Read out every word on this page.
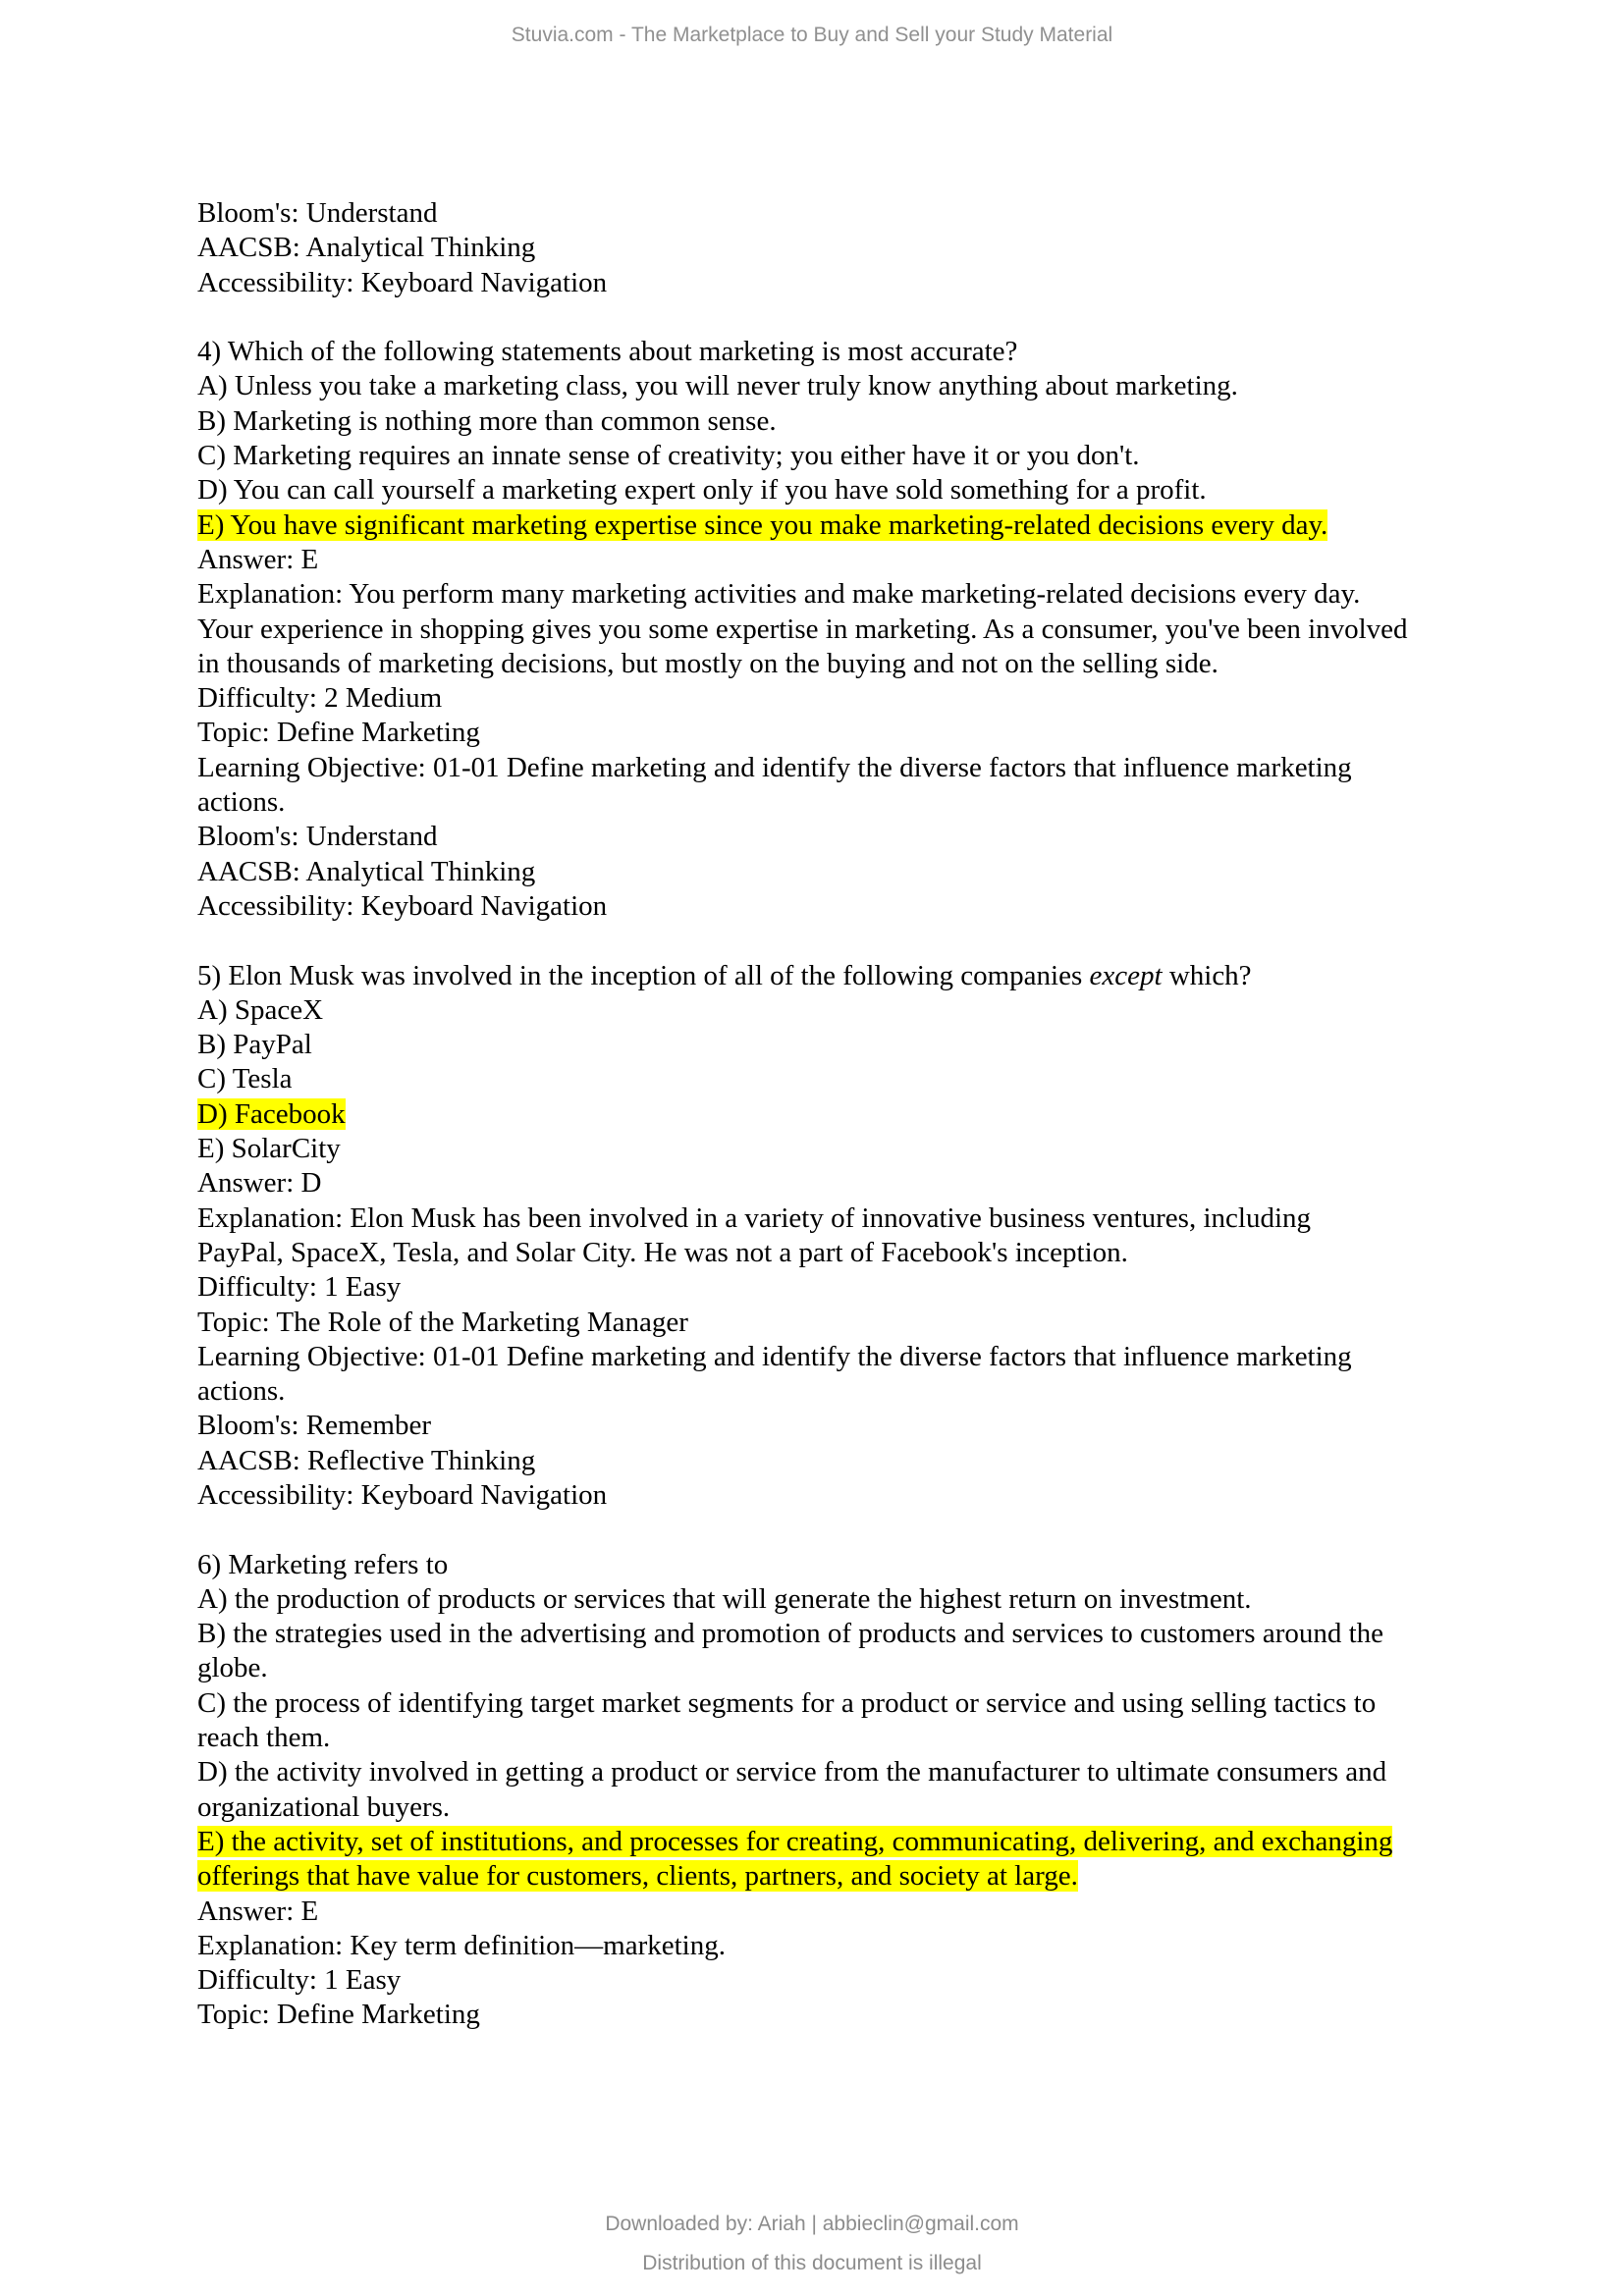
Stuvia.com - The Marketplace to Buy and Sell your Study Material
Bloom's: Understand
AACSB: Analytical Thinking
Accessibility: Keyboard Navigation
4) Which of the following statements about marketing is most accurate?
A) Unless you take a marketing class, you will never truly know anything about marketing.
B) Marketing is nothing more than common sense.
C) Marketing requires an innate sense of creativity; you either have it or you don't.
D) You can call yourself a marketing expert only if you have sold something for a profit.
E) You have significant marketing expertise since you make marketing-related decisions every day.
Answer: E
Explanation: You perform many marketing activities and make marketing-related decisions every day.
Your experience in shopping gives you some expertise in marketing. As a consumer, you've been involved
in thousands of marketing decisions, but mostly on the buying and not on the selling side.
Difficulty: 2 Medium
Topic: Define Marketing
Learning Objective: 01-01 Define marketing and identify the diverse factors that influence marketing
actions.
Bloom's: Understand
AACSB: Analytical Thinking
Accessibility: Keyboard Navigation
5) Elon Musk was involved in the inception of all of the following companies except which?
A) SpaceX
B) PayPal
C) Tesla
D) Facebook
E) SolarCity
Answer: D
Explanation: Elon Musk has been involved in a variety of innovative business ventures, including
PayPal, SpaceX, Tesla, and Solar City. He was not a part of Facebook's inception.
Difficulty: 1 Easy
Topic: The Role of the Marketing Manager
Learning Objective: 01-01 Define marketing and identify the diverse factors that influence marketing
actions.
Bloom's: Remember
AACSB: Reflective Thinking
Accessibility: Keyboard Navigation
6) Marketing refers to
A) the production of products or services that will generate the highest return on investment.
B) the strategies used in the advertising and promotion of products and services to customers around the
globe.
C) the process of identifying target market segments for a product or service and using selling tactics to
reach them.
D) the activity involved in getting a product or service from the manufacturer to ultimate consumers and
organizational buyers.
E) the activity, set of institutions, and processes for creating, communicating, delivering, and exchanging
offerings that have value for customers, clients, partners, and society at large.
Answer: E
Explanation: Key term definition—marketing.
Difficulty: 1 Easy
Topic: Define Marketing
Downloaded by: Ariah | abbieclin@gmail.com
Distribution of this document is illegal
